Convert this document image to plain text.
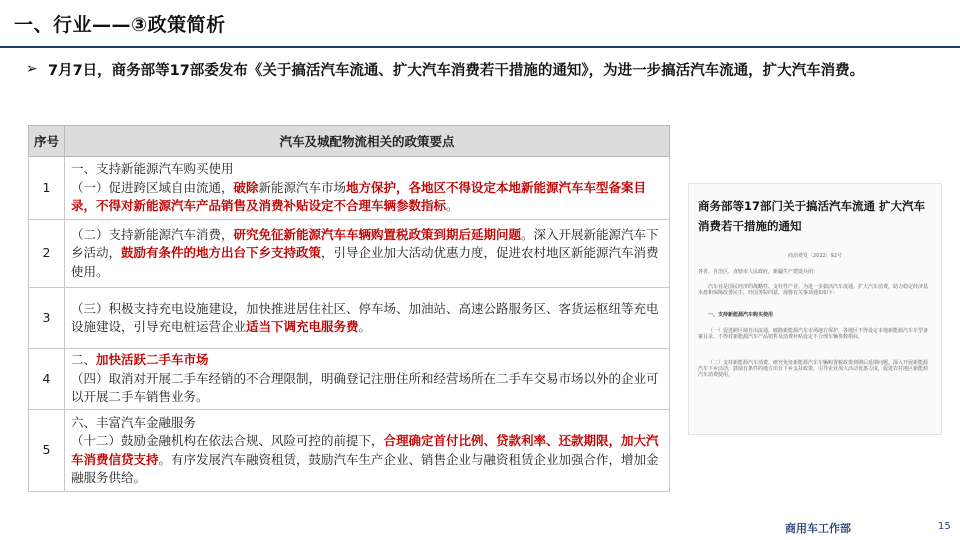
一、行业——③政策简析
➢ 7月7日，商务部等17部委发布《关于搞活汽车流通、扩大汽车消费若干措施的通知》，为进一步搞活汽车流通，扩大汽车消费。
序号	汽车及城配物流相关的政策要点
1	一、支持新能源汽车购买使用
（一）促进跨区域自由流通，破除新能源汽车市场地方保护，各地区不得设定本地新能源汽车车型备案目录，不得对新能源汽车产品销售及消费补贴设定不合理车辆参数指标。
2	（二）支持新能源汽车消费，研究免征新能源汽车车辆购置税政策到期后延期问题。深入开展新能源汽车下乡活动，鼓励有条件的地方出台下乡支持政策，引导企业加大活动优惠力度，促进农村地区新能源汽车消费使用。
3	（三）积极支持充电设施建设，加快推进居住社区、停车场、加油站、高速公路服务区、客货运枢纽等充电设施建设，引导充电桩运营企业适当下调充电服务费。
4	二、加快活跃二手车市场
（四）取消对开展二手车经销的不合理限制，明确登记注册住所和经营场所在二手车交易市场以外的企业可以开展二手车销售业务。
5	六、丰富汽车金融服务
（十二）鼓励金融机构在依法合规、风险可控的前提下，合理确定首付比例、贷款利率、还款期限，加大汽车消费信贷支持。有序发展汽车融资租赁，鼓励汽车生产企业、销售企业与融资租赁企业加强合作，增加金融服务供给。
商务部等17部门关于搞活汽车流通 扩大汽车消费若干措施的通知
商消费发〔2022〕92号
各省、自治区、直辖市人民政府，新疆生产建设兵团：
汽车业是国民经济的战略性、支柱性产业。为进一步搞活汽车流通，扩大汽车消费，助力稳定经济基本盘和保障改善民生，经国务院同意，现将有关事项通知如下：
一、支持新能源汽车购买使用
（一）促进跨区域自由流通，破除新能源汽车市场地方保护，各地区不得设定本地新能源汽车车型备案目录，不得对新能源汽车产品销售及消费补贴设定不合理车辆参数指标。
（二）支持新能源汽车消费，研究免征新能源汽车车辆购置税政策到期后延期问题。深入开展新能源汽车下乡活动，鼓励有条件的地方出台下乡支持政策，引导企业加大活动优惠力度，促进农村地区新能源汽车消费使用。
商用车工作部	15
